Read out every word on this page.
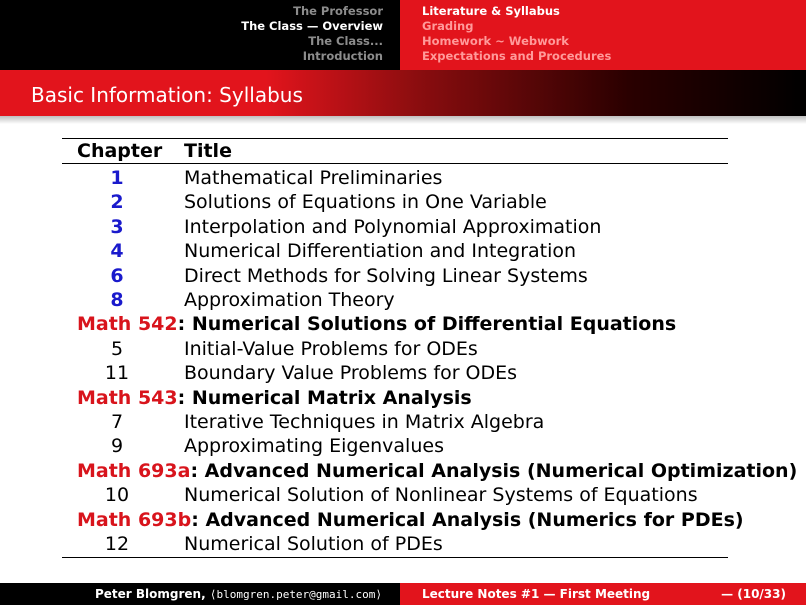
The Professor
The Class — Overview
The Class...
Introduction
Literature & Syllabus
Grading
Homework ∼ Webwork
Expectations and Procedures
Basic Information: Syllabus
Chapter Title
1	Mathematical Preliminaries
2	Solutions of Equations in One Variable
3	Interpolation and Polynomial Approximation
4	Numerical Differentiation and Integration
6	Direct Methods for Solving Linear Systems
8	Approximation Theory
Math 542: Numerical Solutions of Differential Equations
5	Initial-Value Problems for ODEs
11	Boundary Value Problems for ODEs
Math 543: Numerical Matrix Analysis
7	Iterative Techniques in Matrix Algebra
9	Approximating Eigenvalues
Math 693a: Advanced Numerical Analysis (Numerical Optimization)
10	Numerical Solution of Nonlinear Systems of Equations
Math 693b: Advanced Numerical Analysis (Numerics for PDEs)
12	Numerical Solution of PDEs
Peter Blomgren, ⟨blomgren.peter@gmail.com⟩	Lecture Notes #1 — First Meeting	— (10/33)
